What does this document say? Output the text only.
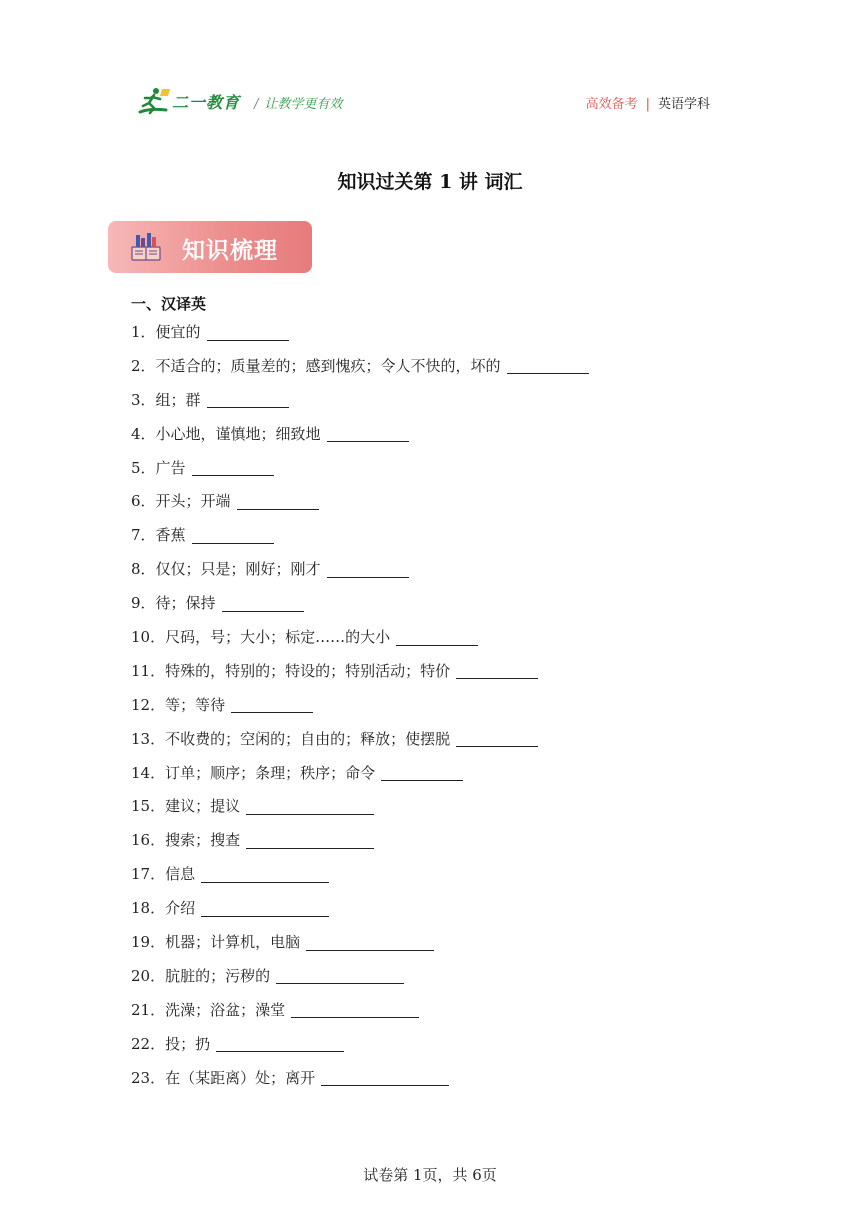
二一教育 / 让教学更有效	高效备考 | 英语学科
知识过关第 1 讲 词汇
知识梳理
一、汉译英
1．便宜的
2．不适合的；质量差的；感到愧疚；令人不快的，坏的
3．组；群
4．小心地，谨慎地；细致地
5．广告
6．开头；开端
7．香蕉
8．仅仅；只是；刚好；刚才
9．待；保持
10．尺码，号；大小；标定……的大小
11．特殊的，特别的；特设的；特别活动；特价
12．等；等待
13．不收费的；空闲的；自由的；释放；使摆脱
14．订单；顺序；条理；秩序；命令
15．建议；提议
16．搜索；搜查
17．信息
18．介绍
19．机器；计算机，电脑
20．肮脏的；污秽的
21．洗澡；浴盆；澡堂
22．投；扔
23．在（某距离）处；离开
试卷第 1页，共 6页
